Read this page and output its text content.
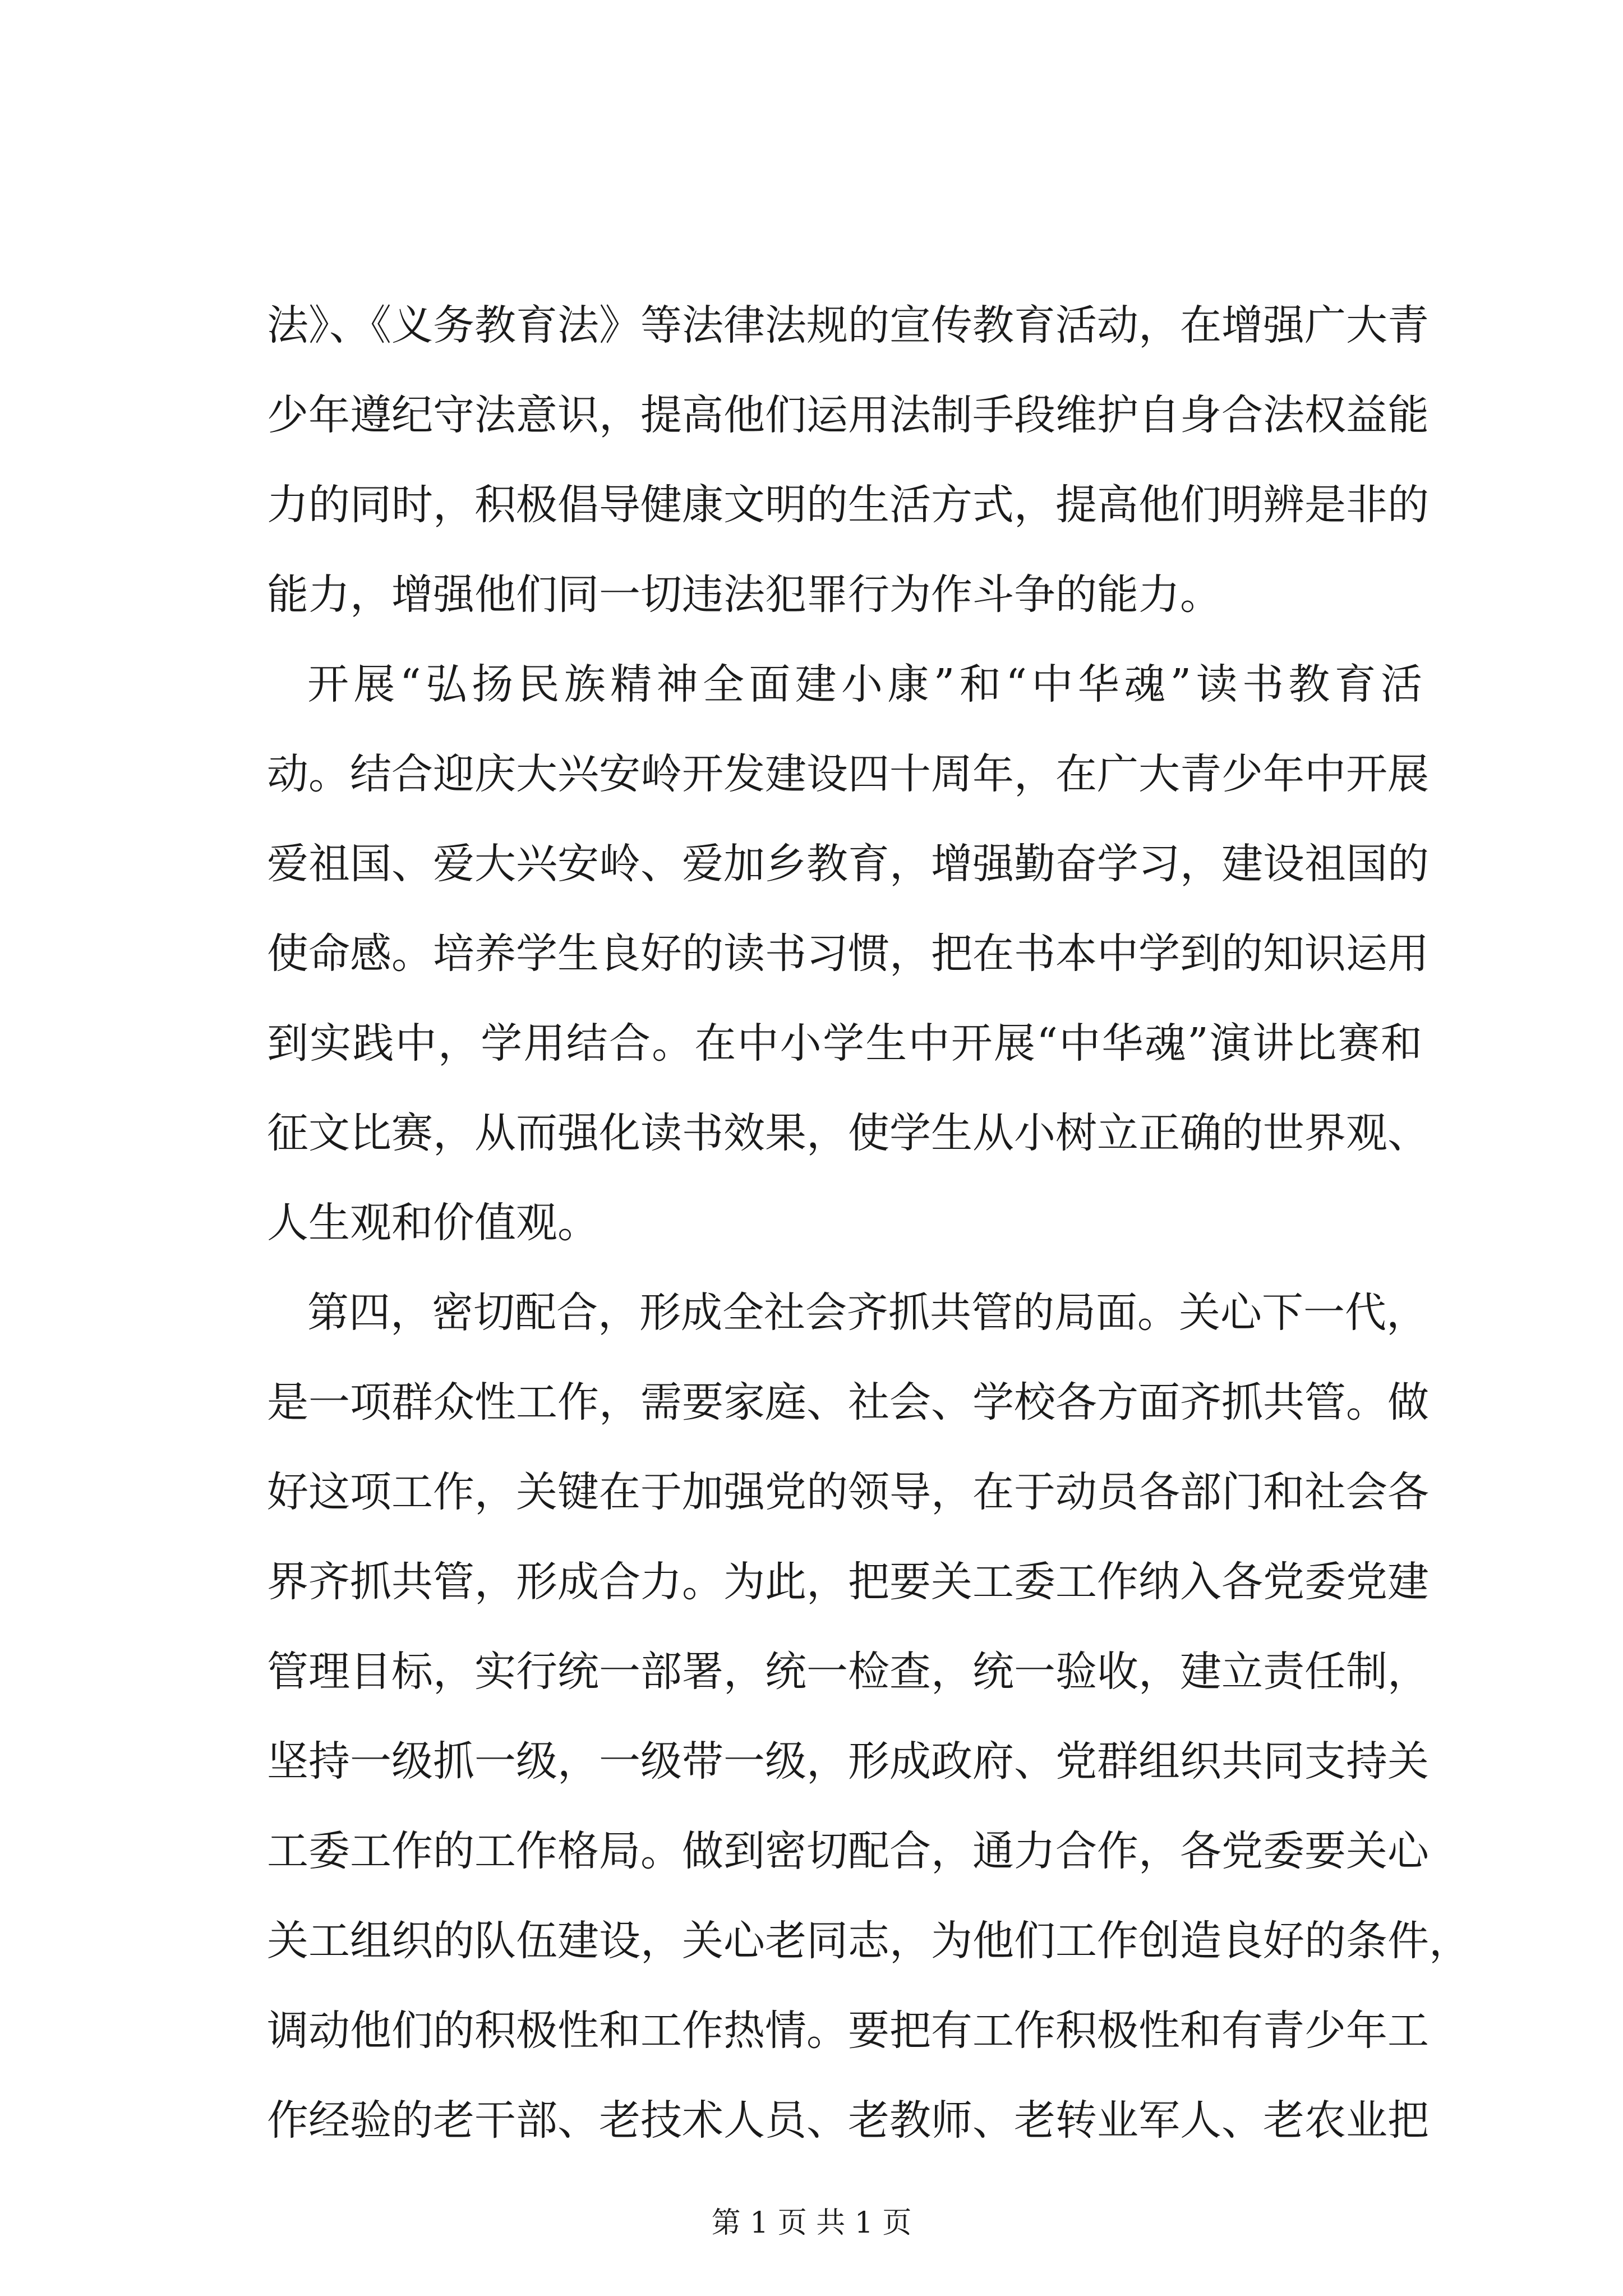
法》、《义务教育法》等法律法规的宣传教育活动，在增强广大青
少年遵纪守法意识，提高他们运用法制手段维护自身合法权益能
力的同时，积极倡导健康文明的生活方式，提高他们明辨是非的
能力，增强他们同一切违法犯罪行为作斗争的能力。
开展“弘扬民族精神全面建小康”和“中华魂”读书教育活
动。结合迎庆大兴安岭开发建设四十周年，在广大青少年中开展
爱祖国、爱大兴安岭、爱加乡教育，增强勤奋学习，建设祖国的
使命感。培养学生良好的读书习惯，把在书本中学到的知识运用
到实践中，学用结合。在中小学生中开展“中华魂”演讲比赛和
征文比赛，从而强化读书效果，使学生从小树立正确的世界观、
人生观和价值观。
第四，密切配合，形成全社会齐抓共管的局面。关心下一代，
是一项群众性工作，需要家庭、社会、学校各方面齐抓共管。做
好这项工作，关键在于加强党的领导，在于动员各部门和社会各
界齐抓共管，形成合力。为此，把要关工委工作纳入各党委党建
管理目标，实行统一部署，统一检查，统一验收，建立责任制，
坚持一级抓一级，一级带一级，形成政府、党群组织共同支持关
工委工作的工作格局。做到密切配合，通力合作，各党委要关心
关工组织的队伍建设，关心老同志，为他们工作创造良好的条件，
调动他们的积极性和工作热情。要把有工作积极性和有青少年工
作经验的老干部、老技术人员、老教师、老转业军人、老农业把
第 1 页 共 1 页
